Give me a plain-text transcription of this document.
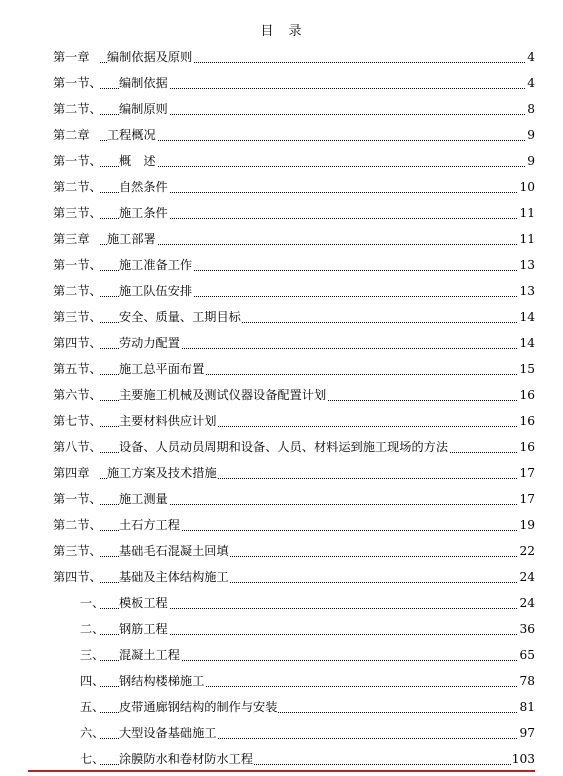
目　录
第一章 编制依据及原则	4
第一节、 编制依据	4
第二节、 编制原则	8
第二章 工程概况	9
第一节、 概　述	9
第二节、 自然条件	10
第三节、 施工条件	11
第三章 施工部署	11
第一节、 施工准备工作	13
第二节、 施工队伍安排	13
第三节、 安全、质量、工期目标	14
第四节、 劳动力配置	14
第五节、 施工总平面布置	15
第六节、 主要施工机械及测试仪器设备配置计划	16
第七节、 主要材料供应计划	16
第八节、 设备、人员动员周期和设备、人员、材料运到施工现场的方法	16
第四章 施工方案及技术措施	17
第一节、 施工测量	17
第二节、 土石方工程	19
第三节、 基础毛石混凝土回填	22
第四节、 基础及主体结构施工	24
一、 模板工程	24
二、 钢筋工程	36
三、 混凝土工程	65
四、 钢结构楼梯施工	78
五、 皮带通廊钢结构的制作与安装	81
六、 大型设备基础施工	97
七、 涂膜防水和卷材防水工程	103
